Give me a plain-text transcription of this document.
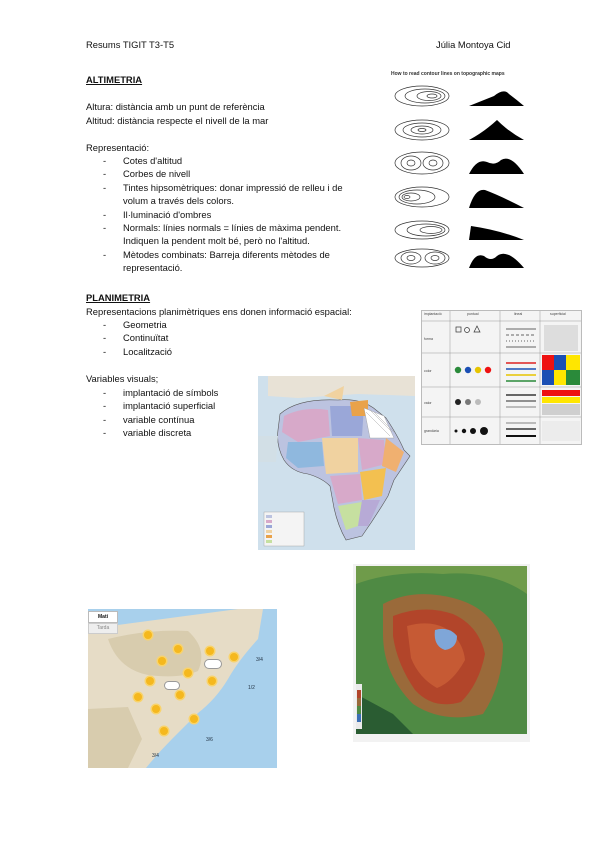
Resums TIGIT T3-T5	Júlia Montoya Cid
ALTIMETRIA
Altura: distància amb un punt de referència
Altitud: distància respecte el nivell de la mar
Representació:
- Cotes d'altitud
- Corbes de nivell
- Tintes hipsomètriques: donar impressió de relleu i de
volum a través dels colors.
- Il·luminació d'ombres
- Normals: línies normals = línies de màxima pendent.
Indiquen la pendent molt bé, però no l'altitud.
- Mètodes combinats: Barreja diferents mètodes de
representació.
PLANIMETRIA
Representacions planimètriques ens donen informació espacial:
- Geometria
- Continuïtat
- Localització
Variables visuals;
- implantació de símbols
- implantació superficial
- variable contínua
- variable discreta
How to read contour lines on topographic maps
implantació	puntual	lineal	superficial
forma
color
valor
grandària
Matí
Tarda
3/4
1/2
3/6
3/4
